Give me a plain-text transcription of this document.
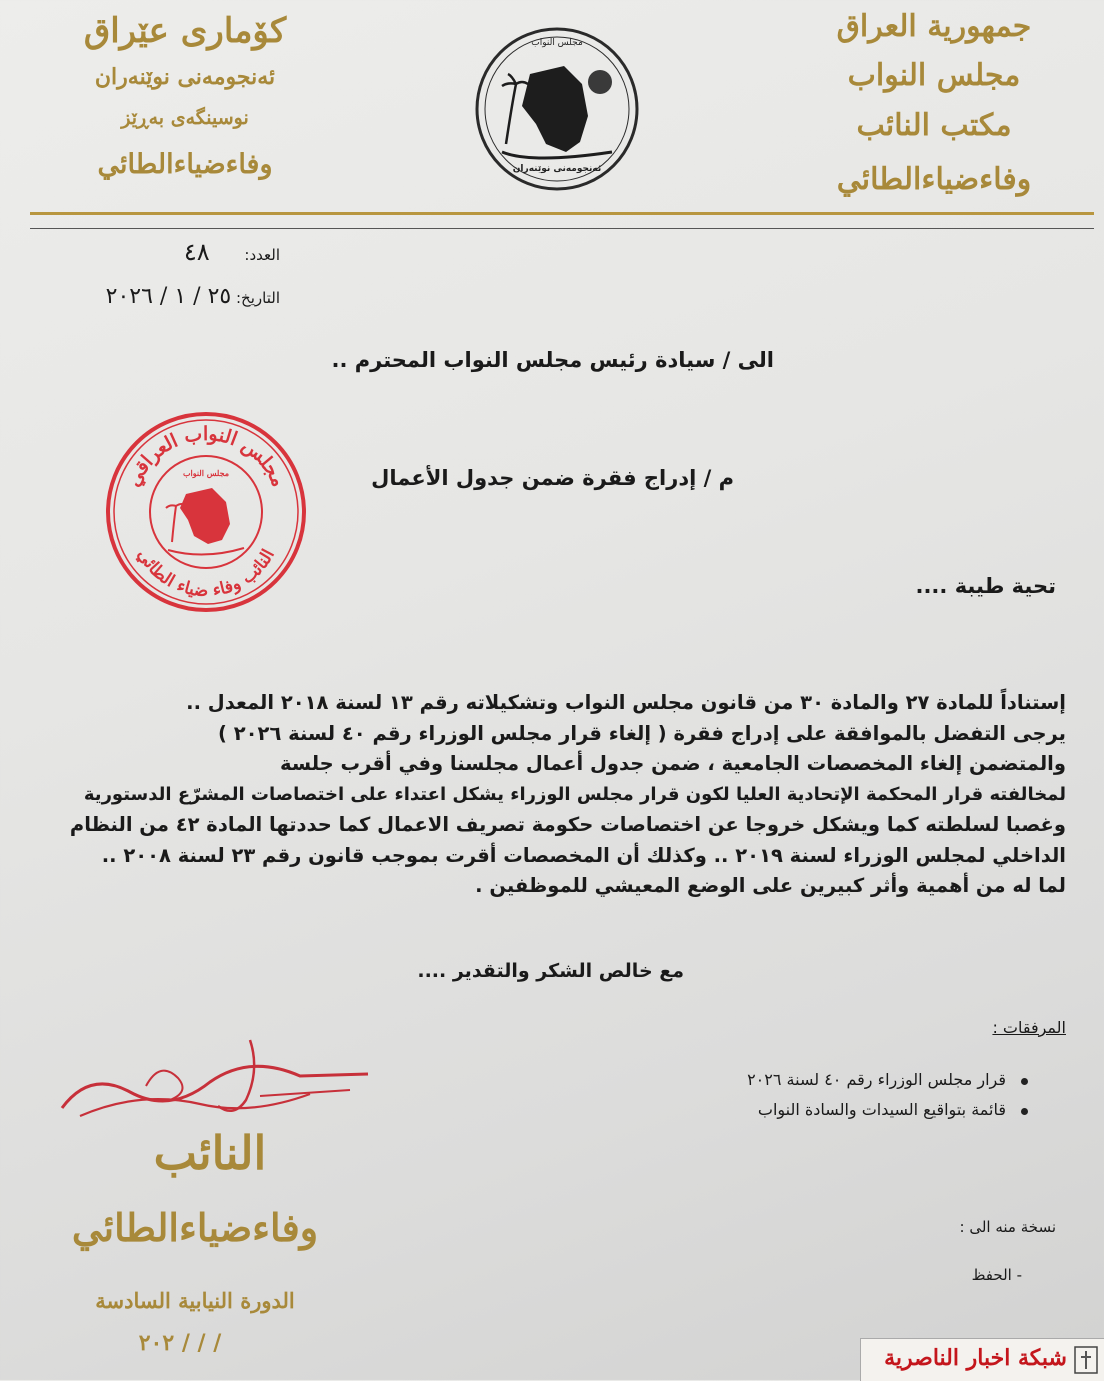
کۆماری عێراق
ئەنجومەنی نوێنەران
نوسینگەی بەڕێز
وفاءضياءالطائي
جمهورية العراق
مجلس النواب
مكتب النائب
وفاءضياءالطائي
مجلس النواب
ئەنجومەنی نوێنەران
العدد: ٤٨
التاريخ: ٢٥ / ١ / ٢٠٢٦
الى / سيادة رئيس مجلس النواب المحترم ..
مجلس النواب العراقي
النائب وفاء ضياء الطائي
مجلس النواب	م / إدراج فقرة ضمن جدول الأعمال
تحية طيبة ....

إستناداً للمادة ٢٧ والمادة ٣٠ من قانون مجلس النواب وتشكيلاته رقم ١٣ لسنة ٢٠١٨ المعدل ..

يرجى التفضل بالموافقة على إدراج فقرة ( إلغاء قرار مجلس الوزراء رقم ٤٠ لسنة ٢٠٢٦ )

والمتضمن إلغاء المخصصات الجامعية ، ضمن جدول أعمال مجلسنا وفي أقرب جلسة

لمخالفته قرار المحكمة الإتحادية العليا لكون قرار مجلس الوزراء يشكل اعتداء على اختصاصات المشرّع الدستورية

وغصبا لسلطته كما ويشكل خروجا عن اختصاصات حكومة تصريف الاعمال كما حددتها المادة ٤٢ من النظام

الداخلي لمجلس الوزراء لسنة ٢٠١٩ .. وكذلك أن المخصصات أقرت بموجب قانون رقم ٢٣ لسنة ٢٠٠٨ ..

لما له من أهمية وأثر كبيرين على الوضع المعيشي للموظفين .

مع خالص الشكر والتقدير ....
المرفقات :
قرار مجلس الوزراء رقم ٤٠ لسنة ٢٠٢٦
قائمة بتواقيع السيدات والسادة النواب
نسخة منه الى :
- الحفظ
النائب
وفاءضياءالطائي
الدورة النيابية السادسة
٢٠٢ / / /
شبكة اخبار الناصرية
